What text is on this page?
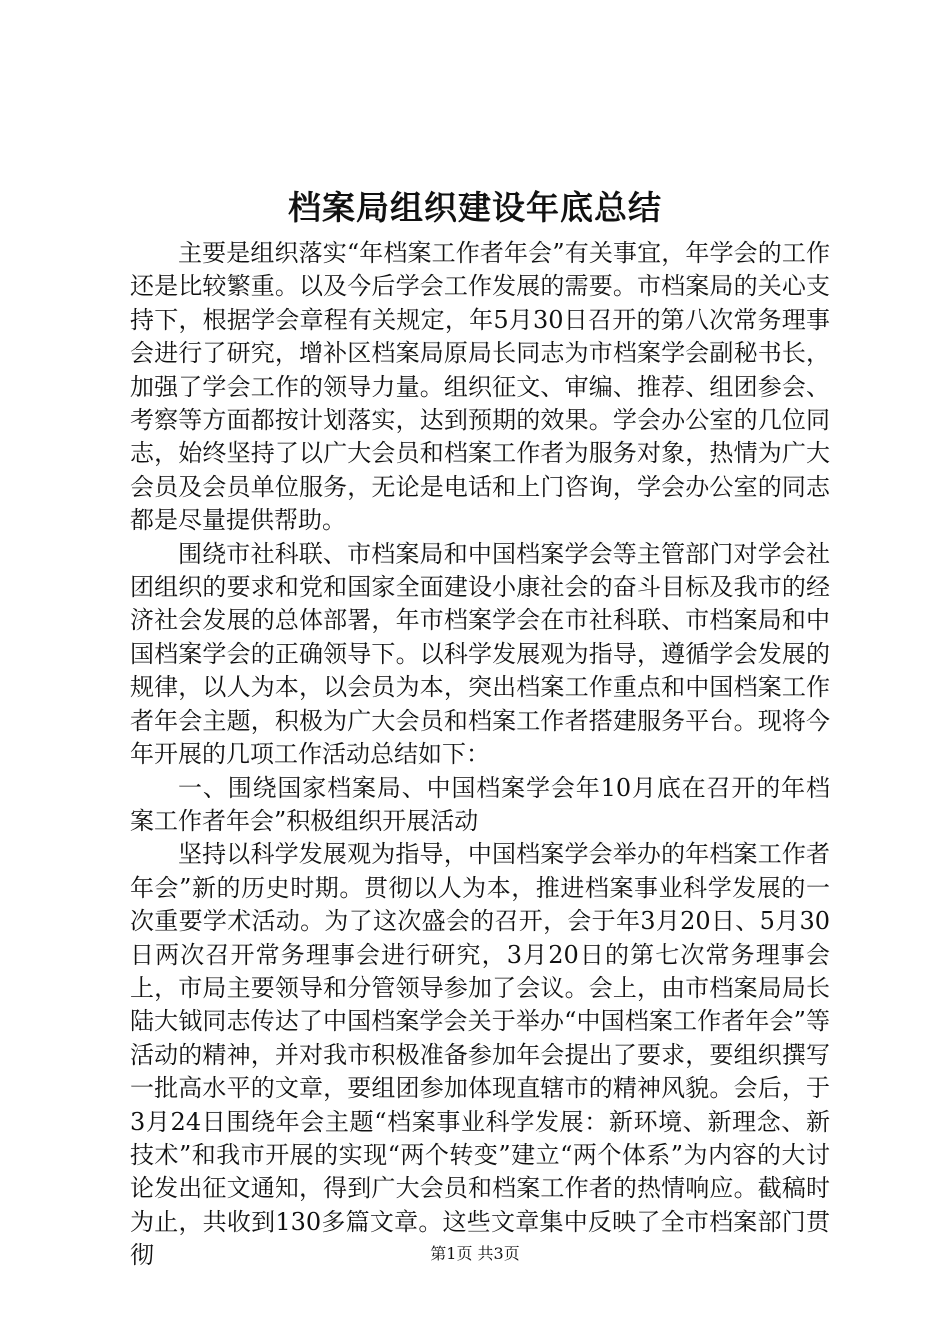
档案局组织建设年底总结

主要是组织落实“年档案工作者年会”有关事宜，年学会的工作还是比较繁重。以及今后学会工作发展的需要。市档案局的关心支持下，根据学会章程有关规定，年5月30日召开的第八次常务理事会进行了研究，增补区档案局原局长同志为市档案学会副秘书长，加强了学会工作的领导力量。组织征文、审编、推荐、组团参会、考察等方面都按计划落实，达到预期的效果。学会办公室的几位同志，始终坚持了以广大会员和档案工作者为服务对象，热情为广大会员及会员单位服务，无论是电话和上门咨询，学会办公室的同志都是尽量提供帮助。

围绕市社科联、市档案局和中国档案学会等主管部门对学会社团组织的要求和党和国家全面建设小康社会的奋斗目标及我市的经济社会发展的总体部署，年市档案学会在市社科联、市档案局和中国档案学会的正确领导下。以科学发展观为指导，遵循学会发展的规律，以人为本，以会员为本，突出档案工作重点和中国档案工作者年会主题，积极为广大会员和档案工作者搭建服务平台。现将今年开展的几项工作活动总结如下：

一、围绕国家档案局、中国档案学会年10月底在召开的年档案工作者年会”积极组织开展活动

坚持以科学发展观为指导，中国档案学会举办的年档案工作者年会”新的历史时期。贯彻以人为本，推进档案事业科学发展的一次重要学术活动。为了这次盛会的召开，会于年3月20日、5月30日两次召开常务理事会进行研究，3月20日的第七次常务理事会上，市局主要领导和分管领导参加了会议。会上，由市档案局局长陆大钺同志传达了中国档案学会关于举办“中国档案工作者年会”等活动的精神，并对我市积极准备参加年会提出了要求，要组织撰写一批高水平的文章，要组团参加体现直辖市的精神风貌。会后，于3月24日围绕年会主题“档案事业科学发展：新环境、新理念、新技术”和我市开展的实现“两个转变”建立“两个体系”为内容的大讨论发出征文通知，得到广大会员和档案工作者的热情响应。截稿时为止，共收到130多篇文章。这些文章集中反映了全市档案部门贯彻	第1页 共3页
